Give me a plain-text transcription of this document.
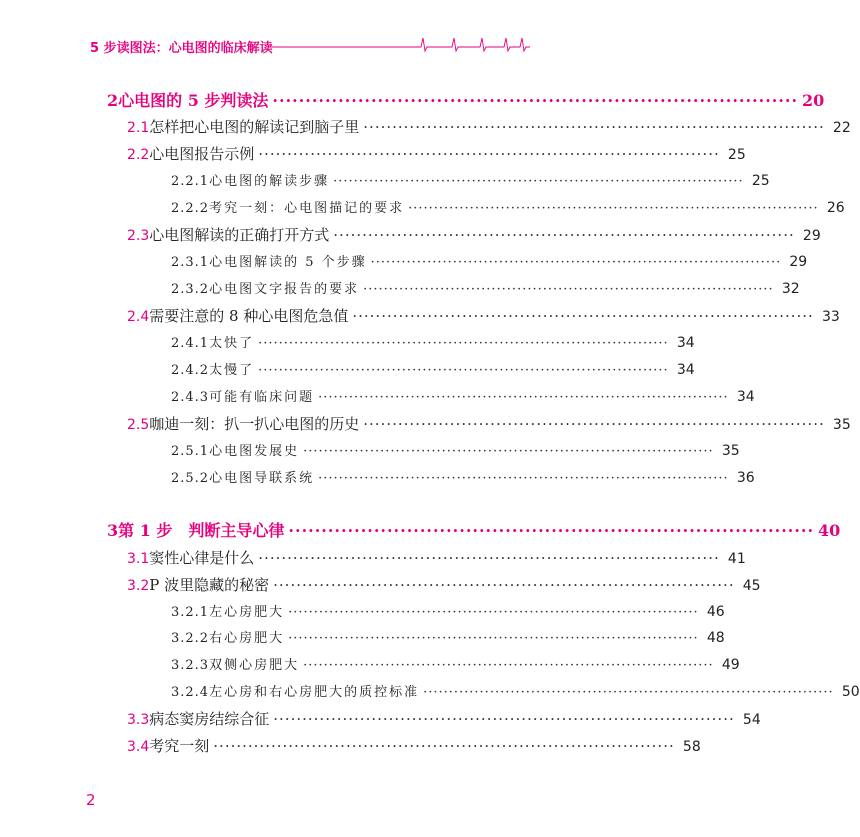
5 步读图法：心电图的临床解读
2 心电图的 5 步判读法 ················································································ 20
2.1 怎样把心电图的解读记到脑子里 ················································································ 22
2.2 心电图报告示例 ················································································ 25
2.2.1 心电图的解读步骤 ················································································ 25
2.2.2 考究一刻：心电图描记的要求 ················································································ 26
2.3 心电图解读的正确打开方式 ················································································ 29
2.3.1 心电图解读的 5 个步骤 ················································································ 29
2.3.2 心电图文字报告的要求 ················································································ 32
2.4 需要注意的 8 种心电图危急值 ················································································ 33
2.4.1 太快了 ················································································ 34
2.4.2 太慢了 ················································································ 34
2.4.3 可能有临床问题 ················································································ 34
2.5 咖迪一刻：扒一扒心电图的历史 ················································································ 35
2.5.1 心电图发展史 ················································································ 35
2.5.2 心电图导联系统 ················································································ 36
3 第 1 步　判断主导心律 ················································································ 40
3.1 窦性心律是什么 ················································································ 41
3.2 P 波里隐藏的秘密 ················································································ 45
3.2.1 左心房肥大 ················································································ 46
3.2.2 右心房肥大 ················································································ 48
3.2.3 双侧心房肥大 ················································································ 49
3.2.4 左心房和右心房肥大的质控标准 ················································································ 50
3.3 病态窦房结综合征 ················································································ 54
3.4 考究一刻 ················································································ 58
2
